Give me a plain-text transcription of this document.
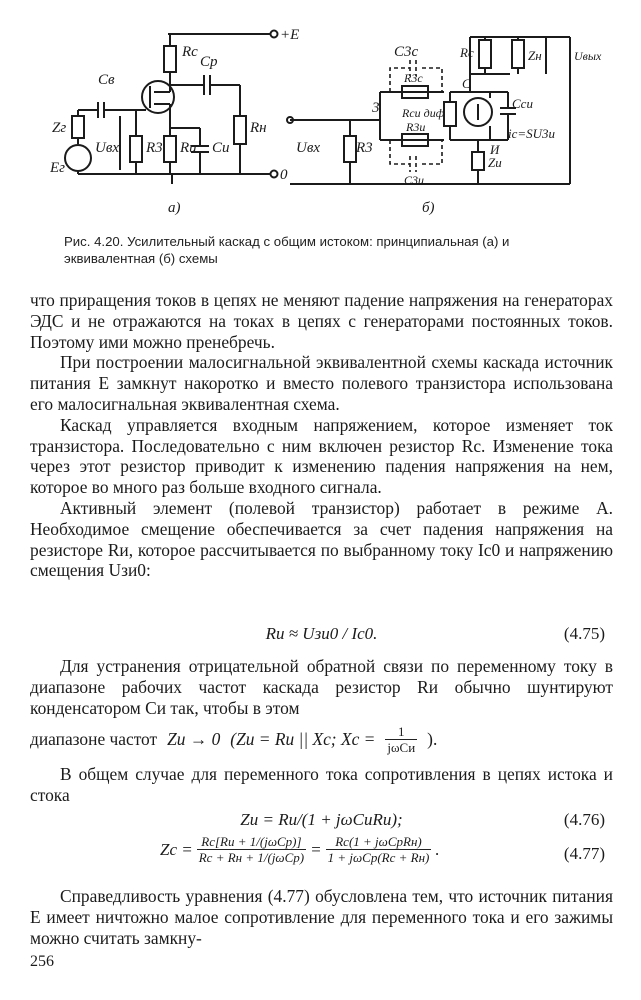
Rс
Cр
Cв
Zг
Uвх
Eг
R3 Rи Cи
Rн
+E
0
а)	б)
C3с
R3с
Rси диф
Cси
iс=SU3и
R3и
C3и
Zи
Zн	Uвых
Rс
Uвх R3
3
С
И
Рис. 4.20. Усилительный каскад с общим истоком: принципиальная (а) и эквивалентная (б) схемы

что приращения токов в цепях не меняют падение напряжения на генераторах ЭДС и не отражаются на токах в цепях с генераторами постоянных токов. Поэтому ими можно пренебречь.

При построении малосигнальной эквивалентной схемы каскада источник питания E замкнут накоротко и вместо полевого транзистора использована его малосигнальная эквивалентная схема.

Каскад управляется входным напряжением, которое изменяет ток транзистора. Последовательно с ним включен резистор Rс. Изменение тока через этот резистор приводит к изменению падения напряжения на нем, которое во много раз больше входного сигнала.

Активный элемент (полевой транзистор) работает в режиме A. Необходимое смещение обеспечивается за счет падения напряжения на резисторе Rи, которое рассчитывается по выбранному току Iс0 и напряжению смещения Uзи0:

Rи ≈ Uзи0 / Iс0.	(4.75)

Для устранения отрицательной обратной связи по переменному току в диапазоне рабочих частот каскада резистор Rи обычно шунтируют конденсатором Cи так, чтобы в этом

диапазоне частот Zи → 0 (Zи = Rи || Xс; Xс = $\frac{1}{\text{jωCи}}$ ).

В общем случае для переменного тока сопротивления в цепях истока и стока

Zи = Rи/(1 + jωCиRи);	(4.76)
Zс = $\frac{\text{Rс[Rи + 1/(jωCр)]}}{\text{Rс + Rн + 1/(jωCр)}} = \frac{\text{Rс(1 + jωCрRн)}}{\text{1 + jωCр(Rс + Rн)}}$ .	(4.77)

Справедливость уравнения (4.77) обусловлена тем, что источник питания E имеет ничтожно малое сопротивление для переменного тока и его зажимы можно считать замкну-

256
